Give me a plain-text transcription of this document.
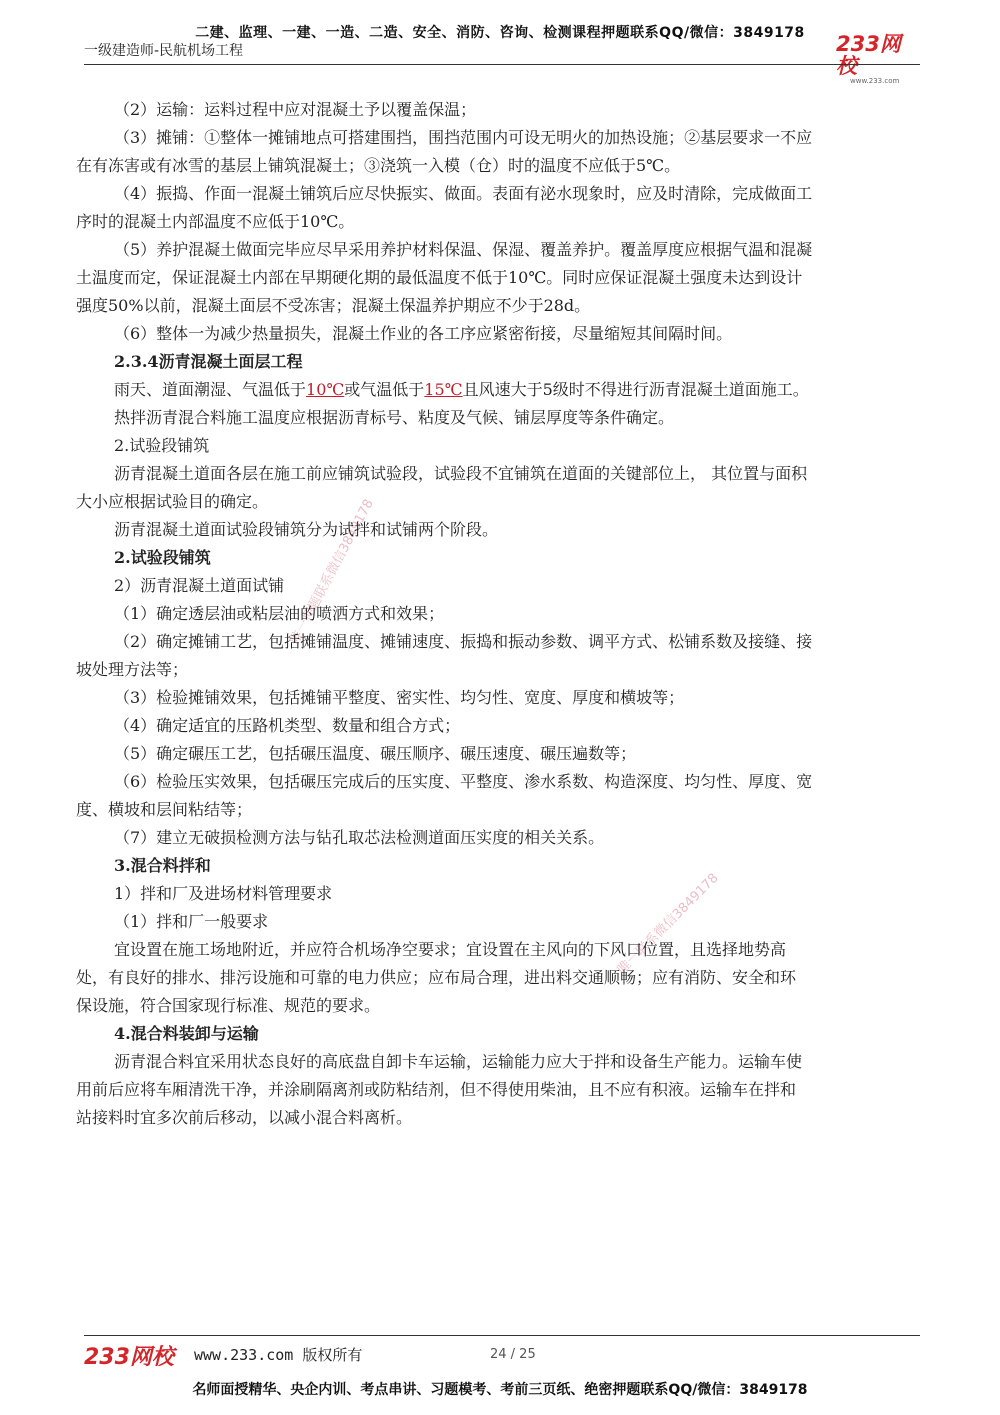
二建、监理、一建、一造、二造、安全、消防、咨询、检测课程押题联系QQ/微信：3849178
一级建造师-民航机场工程	233网校
www.233.com
唯一押题联系微信3849178
唯一联系微信3849178
（2）运输：运料过程中应对混凝土予以覆盖保温；
（3）摊铺：①整体一摊铺地点可搭建围挡，围挡范围内可设无明火的加热设施；②基层要求一不应
在有冻害或有冰雪的基层上铺筑混凝土；③浇筑一入模（仓）时的温度不应低于5℃。
（4）振捣、作面一混凝土铺筑后应尽快振实、做面。表面有泌水现象时，应及时清除，完成做面工
序时的混凝土内部温度不应低于10℃。
（5）养护混凝土做面完毕应尽早采用养护材料保温、保湿、覆盖养护。覆盖厚度应根据气温和混凝
土温度而定，保证混凝土内部在早期硬化期的最低温度不低于10℃。同时应保证混凝土强度未达到设计
强度50%以前，混凝土面层不受冻害；混凝土保温养护期应不少于28d。
（6）整体一为减少热量损失，混凝土作业的各工序应紧密衔接，尽量缩短其间隔时间。
2.3.4沥青混凝土面层工程
雨天、道面潮湿、气温低于10℃或气温低于15℃且风速大于5级时不得进行沥青混凝土道面施工。
热拌沥青混合料施工温度应根据沥青标号、粘度及气候、铺层厚度等条件确定。
2.试验段铺筑
沥青混凝土道面各层在施工前应铺筑试验段，试验段不宜铺筑在道面的关键部位上， 其位置与面积
大小应根据试验目的确定。
沥青混凝土道面试验段铺筑分为试拌和试铺两个阶段。
2.试验段铺筑
2）沥青混凝土道面试铺
（1）确定透层油或粘层油的喷洒方式和效果；
（2）确定摊铺工艺，包括摊铺温度、摊铺速度、振捣和振动参数、调平方式、松铺系数及接缝、接
坡处理方法等；
（3）检验摊铺效果，包括摊铺平整度、密实性、均匀性、宽度、厚度和横坡等；
（4）确定适宜的压路机类型、数量和组合方式；
（5）确定碾压工艺，包括碾压温度、碾压顺序、碾压速度、碾压遍数等；
（6）检验压实效果，包括碾压完成后的压实度、平整度、渗水系数、构造深度、均匀性、厚度、宽
度、横坡和层间粘结等；
（7）建立无破损检测方法与钻孔取芯法检测道面压实度的相关关系。
3.混合料拌和
1）拌和厂及进场材料管理要求
（1）拌和厂一般要求
宜设置在施工场地附近，并应符合机场净空要求；宜设置在主风向的下风口位置，且选择地势高
处，有良好的排水、排污设施和可靠的电力供应；应布局合理，进出料交通顺畅；应有消防、安全和环
保设施，符合国家现行标准、规范的要求。
4.混合料装卸与运输
沥青混合料宜采用状态良好的高底盘自卸卡车运输，运输能力应大于拌和设备生产能力。运输车使
用前后应将车厢清洗干净，并涂刷隔离剂或防粘结剂，但不得使用柴油，且不应有积液。运输车在拌和
站接料时宜多次前后移动，以减小混合料离析。
233网校 www.233.com 版权所有	24 / 25
名师面授精华、央企内训、考点串讲、习题模考、考前三页纸、绝密押题联系QQ/微信：3849178
